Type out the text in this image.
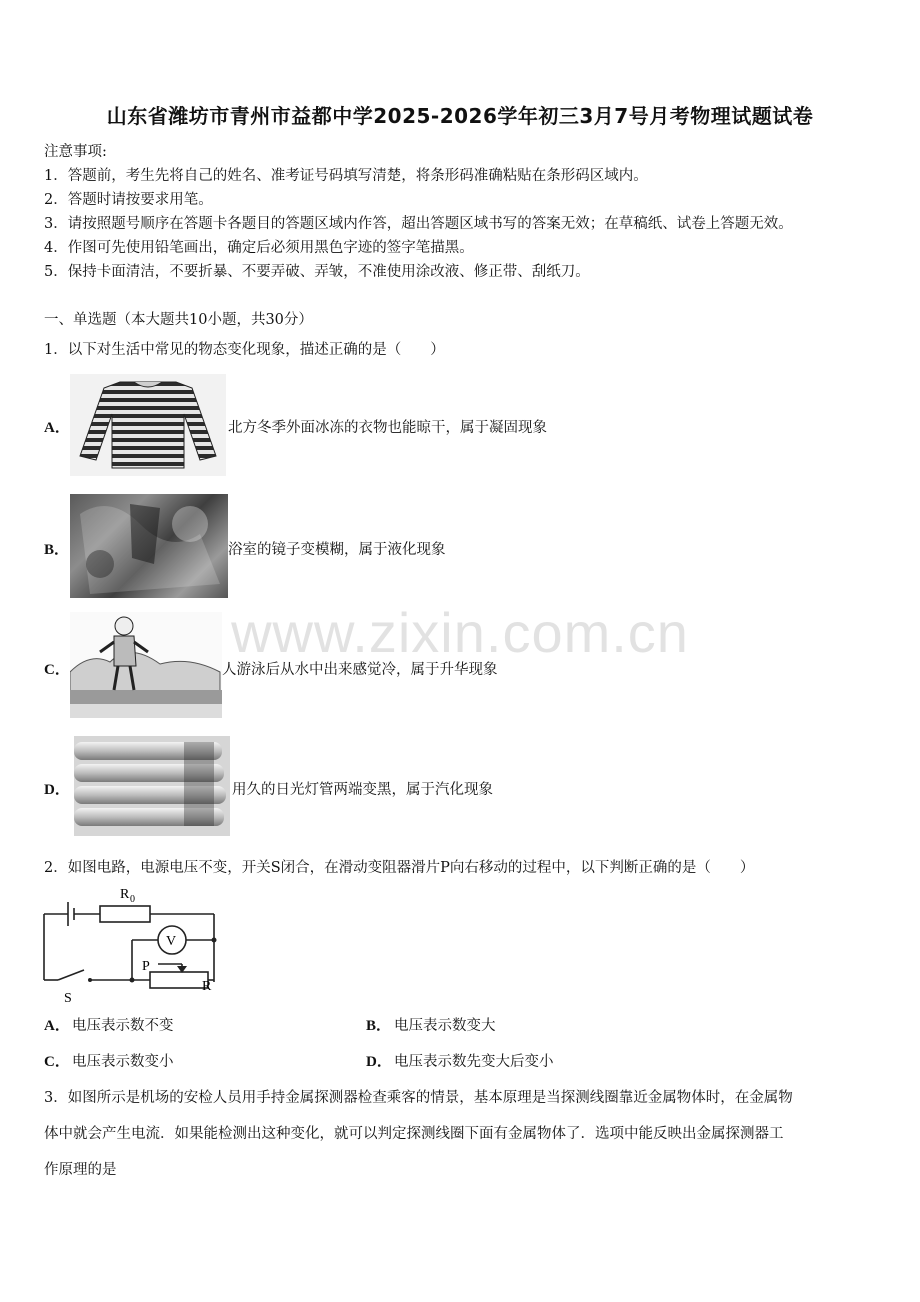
山东省潍坊市青州市益都中学2025-2026学年初三3月7号月考物理试题试卷
注意事项:
1．答题前，考生先将自己的姓名、准考证号码填写清楚，将条形码准确粘贴在条形码区域内。
2．答题时请按要求用笔。
3．请按照题号顺序在答题卡各题目的答题区域内作答，超出答题区域书写的答案无效；在草稿纸、试卷上答题无效。
4．作图可先使用铅笔画出，确定后必须用黑色字迹的签字笔描黑。
5．保持卡面清洁，不要折暴、不要弄破、弄皱，不准使用涂改液、修正带、刮纸刀。
一、单选题（本大题共10小题，共30分）
1．以下对生活中常见的物态变化现象，描述正确的是（　　）
A．	北方冬季外面冰冻的衣物也能晾干，属于凝固现象
B．	浴室的镜子变模糊，属于液化现象
C．	人游泳后从水中出来感觉冷，属于升华现象
D．	用久的日光灯管两端变黑，属于汽化现象
www.zixin.com.cn
2．如图电路，电源电压不变，开关S闭合，在滑动变阻器滑片P向右移动的过程中，以下判断正确的是（　　）
R 0
V
P
R
S
A． 电压表示数不变	B． 电压表示数变大
C． 电压表示数变小	D． 电压表示数先变大后变小
3．如图所示是机场的安检人员用手持金属探测器检查乘客的情景，基本原理是当探测线圈靠近金属物体时，在金属物
体中就会产生电流．如果能检测出这种变化，就可以判定探测线圈下面有金属物体了．选项中能反映出金属探测器工
作原理的是
